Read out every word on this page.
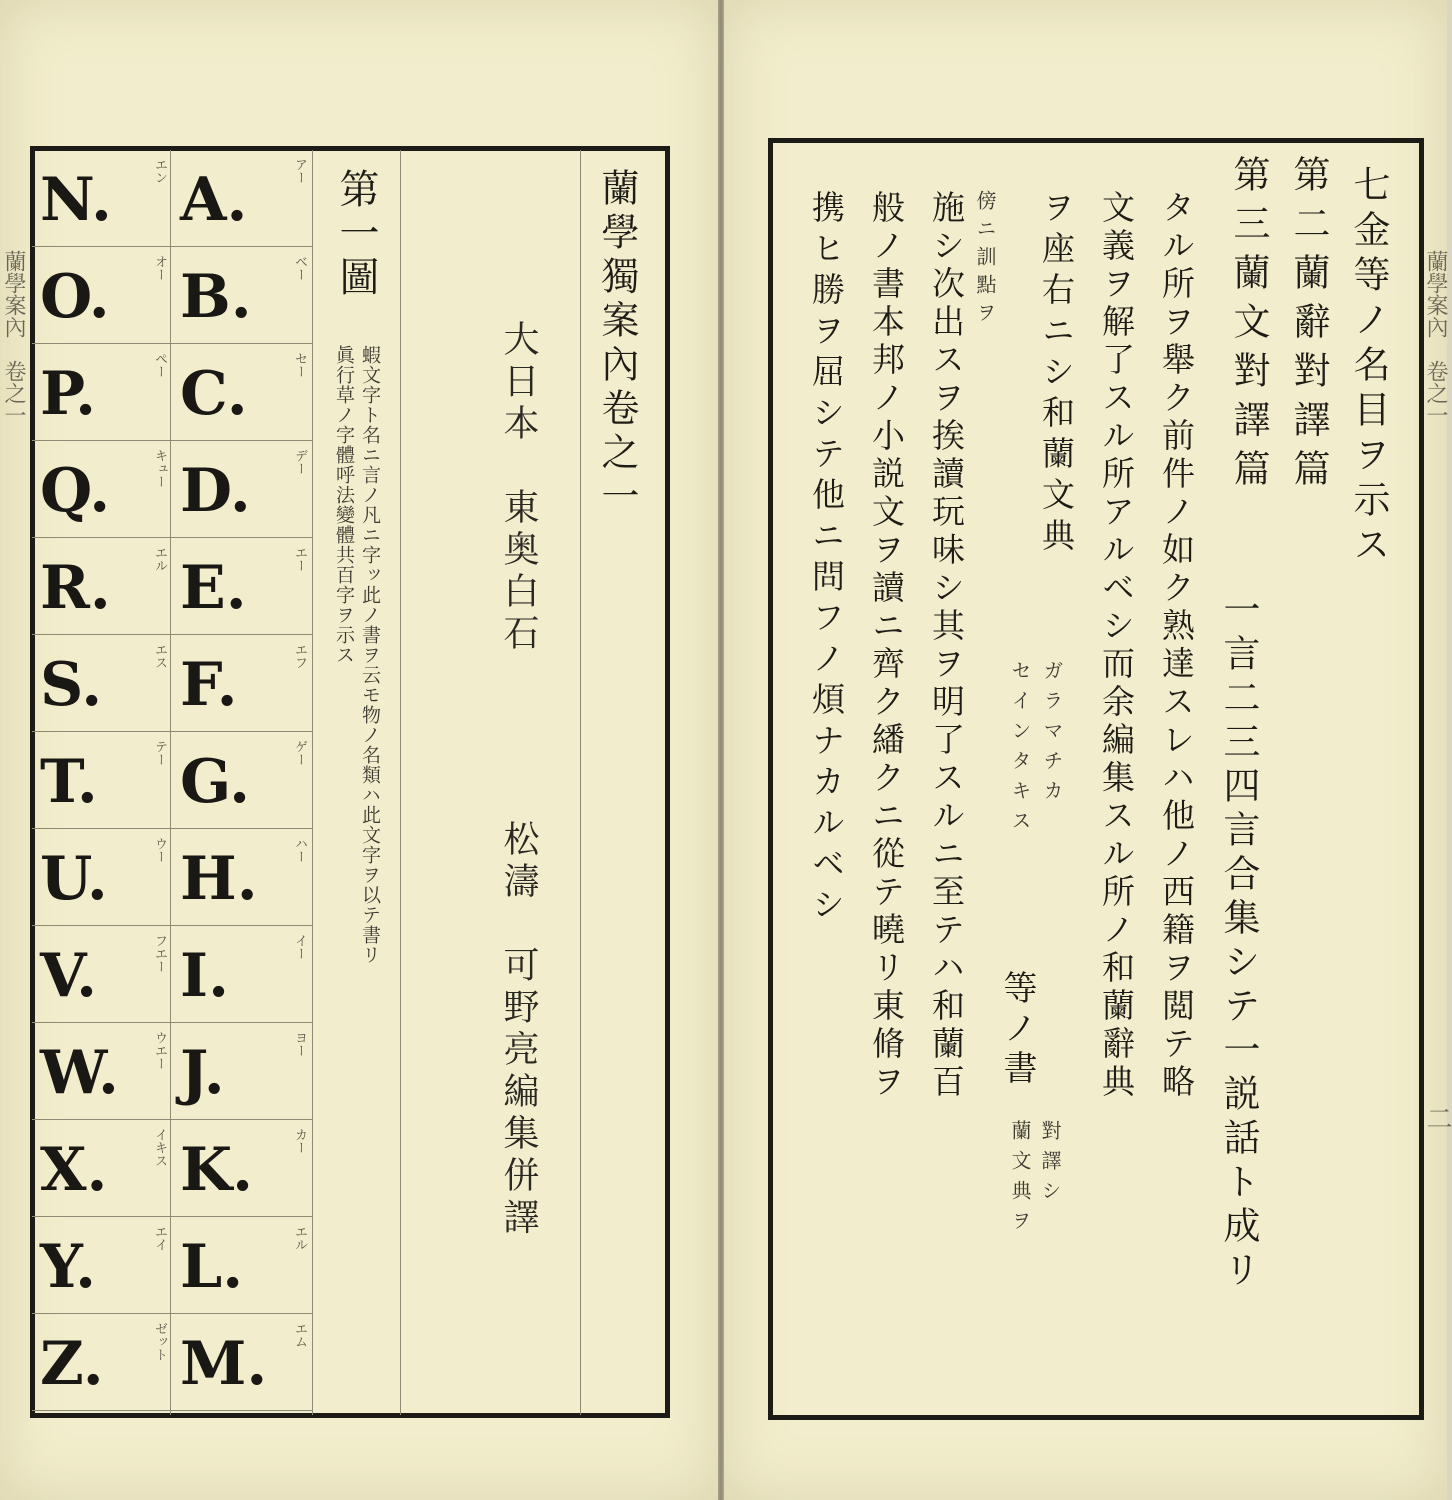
蘭學案內　卷之一	蘭學獨案內卷之一
大日本　東奥白石
松濤　可野亮編集併譯
第一圖
蝦文字ト名ニ言ノ凡ニ字ッ此ノ書ヲ云モ物ノ名類ハ此文字ヲ以テ書リ
眞行草ノ字體呼法變體共百字ヲ示ス
A.	アー
B.	ベー
C.	セー
D.	デー
E.	エー
F.	エフ
G.	ゲー
H.	ハー
I.	イー
J.	ヨー
K.	カー
L.	エル
M. エム
N.	エン
O.	オー
P.	ペー
Q.	キュー
R.	エル
S.	エス
T.	テー
U.	ウー
V.	フエー
W.	ウエー
X.	イキス
Y.	エイ
Z.	ゼット
蘭學案內　卷之一
二
七金等ノ名目ヲ示ス
第二蘭辭對譯篇
第三蘭文對譯篇
一言二三四言合集シテ一説話ト成リ
タル所ヲ舉ク前件ノ如ク熟達スレハ他ノ西籍ヲ閲テ略
文義ヲ解了スル所アルベシ而余編集スル所ノ和蘭辭典
ヲ座右ニシ和蘭文典
ガラマチカ
セインタキス
等ノ書
蘭文典ヲ 對譯シ
傍ニ訓點ヲ
施シ次出スヲ挨讀玩味シ其ヲ明了スルニ至テハ和蘭百
般ノ書本邦ノ小説文ヲ讀ニ齊ク繙クニ從テ曉リ東脩ヲ
携ヒ勝ヲ屈シテ他ニ問フノ煩ナカルベシ
